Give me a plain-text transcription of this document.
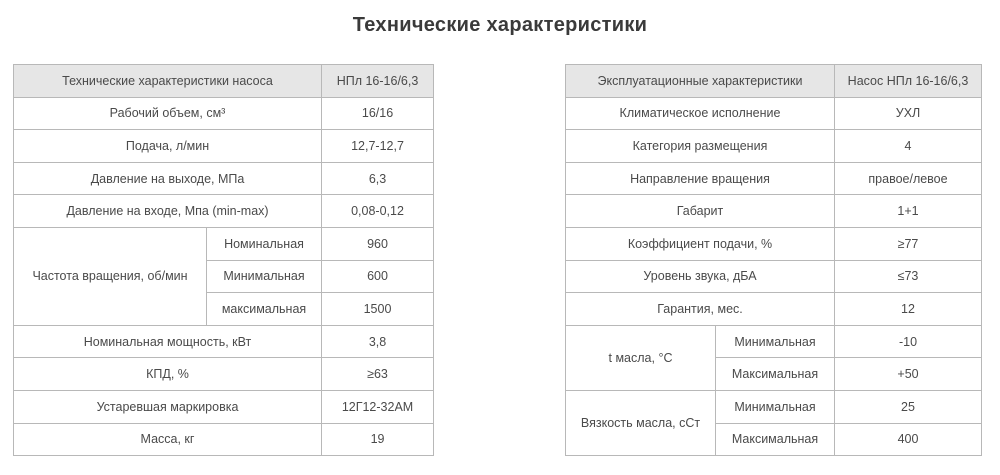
Технические характеристики
Технические характеристики насоса		НПл 16-16/6,3
Рабочий объем, см³		16/16
Подача, л/мин		12,7-12,7
Давление на выходе, МПа		6,3
Давление на входе, Мпа (min-max)		0,08-0,12
Частота вращения, об/мин	Номинальная	960
	Минимальная	600
	максимальная	1500
Номинальная мощность, кВт		3,8
КПД, %		≥63
Устаревшая маркировка		12Г12-32АМ
Масса, кг		19
Эксплуатационные характеристики		Насос НПл 16-16/6,3
Климатическое исполнение		УХЛ
Категория размещения		4
Направление вращения		правое/левое
Габарит		1+1
Коэффициент подачи, %		≥77
Уровень звука, дБА		≤73
Гарантия, мес.		12
t масла, °C	Минимальная	-10
	Максимальная	+50
Вязкость масла, сСт	Минимальная	25
	Максимальная	400
